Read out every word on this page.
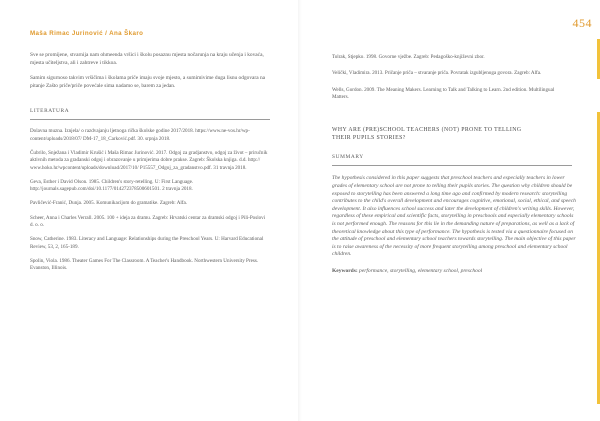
Maša Rimac Jurinović / Ana Škaro

Sve se promijene, stvarnija nam ohmeenda vršici i školu posaznu mjesta nočarunja na kraju učenja i kovaća, mjesta učiteljstvа, ali i zahtreve i tikkoa.

Samim sigurnoso takvim vršičima i školama priče imaju svoje mjesto, a sumimivime duga lisnu odgovara na pitanje Zašto priče/priče povećale sima nadamo se, barem za jedan.

LITERATURA

Dolavna muzna. Iznjela/ o razdvajanju ljetnoga rička školske godine 2017/2018. https://www.ne-vos.hr/wp-content/uploads/2018/07/ DM-17_18_Carković.pdf. 30. srpnja 2018.

Čubrilo, Snježana i Vladimir Krušić i Maša Rimac Jurinović. 2017. Odgoj za gradjanstvo, odgoj za život – priručnik aktivnih metoda za građanski odgoj i obrazovanje u primjerima dobre prakse. Zagreb: Školska knjiga. d.d. http:// www.hoko.hr/wpcontent/uploads/download/2017/10/ P15557_Odgoj_za_gradanstvo.pdf. 31 travnja 2018.

Geva, Esther i David Olson. 1985. Children's story-retelling. U: First Language. http://journals.sagepub.com/doi/10.1177/014272378500601501. 2 travnja 2018.

Pavličević-Franić, Dunja. 2005. Komunikacijom do gramatike. Zagreb: Alfa.

Scheer, Anna i Charles Verrall. 2005. 100 + ideja za dramu. Zagreb: Hrvatski centar za dramski odgoj i Pili-Poslovi d. o. o.

Snow, Catherine. 1983. Literacy and Language: Relationships during the Preschool Years. U: Harvard Educational Review, 53, 2, 165-189.

Spolin, Viola. 1986. Theater Games For The Classroom. A Teacher's Handbook. Northwestern University Press. Evanston, Illinois.

454

Tolrak, Stjepko. 1998. Govorne vježbe. Zagreb: Pedagoško-književni zbor.

Velički, Vladimira. 2013. Pričanje priča – stvaranje priča. Povratak izgubljenoga govora. Zagreb: Alfa.

Wells, Gordon. 2009. The Meaning Makers. Learning to Talk and Talking to Learn. 2nd edition. Multilingual Matters.

WHY ARE (PRE)SCHOOL TEACHERS (NOT) PRONE TO TELLING THEIR PUPILS STORIES?
SUMMARY

The hypothesis considered in this paper suggests that preschool teachers and especially teachers in lower grades of elementary school are not prone to telling their pupils stories. The question why children should be exposed to storytelling has been answered a long time ago and confirmed by modern research: storytelling contributes to the child's overall development and encourages cognitive, emotional, social, ethical, and speech development. It also influences school success and later the development of children's writing skills. However, regardless of these empirical and scientific facts, storytelling in preschools and especially elementary schools is not performed enough. The reasons for this lie in the demanding nature of preparations, as well as a lack of theoretical knowledge about this type of performance. The hypothesis is tested via a questionnaire focused on the attitude of preschool and elementary school teachers towards storytelling. The main objective of this paper is to raise awareness of the necessity of more frequent storytelling among preschool and elementary school children.

Keywords: performance, storytelling, elementary school, preschool
